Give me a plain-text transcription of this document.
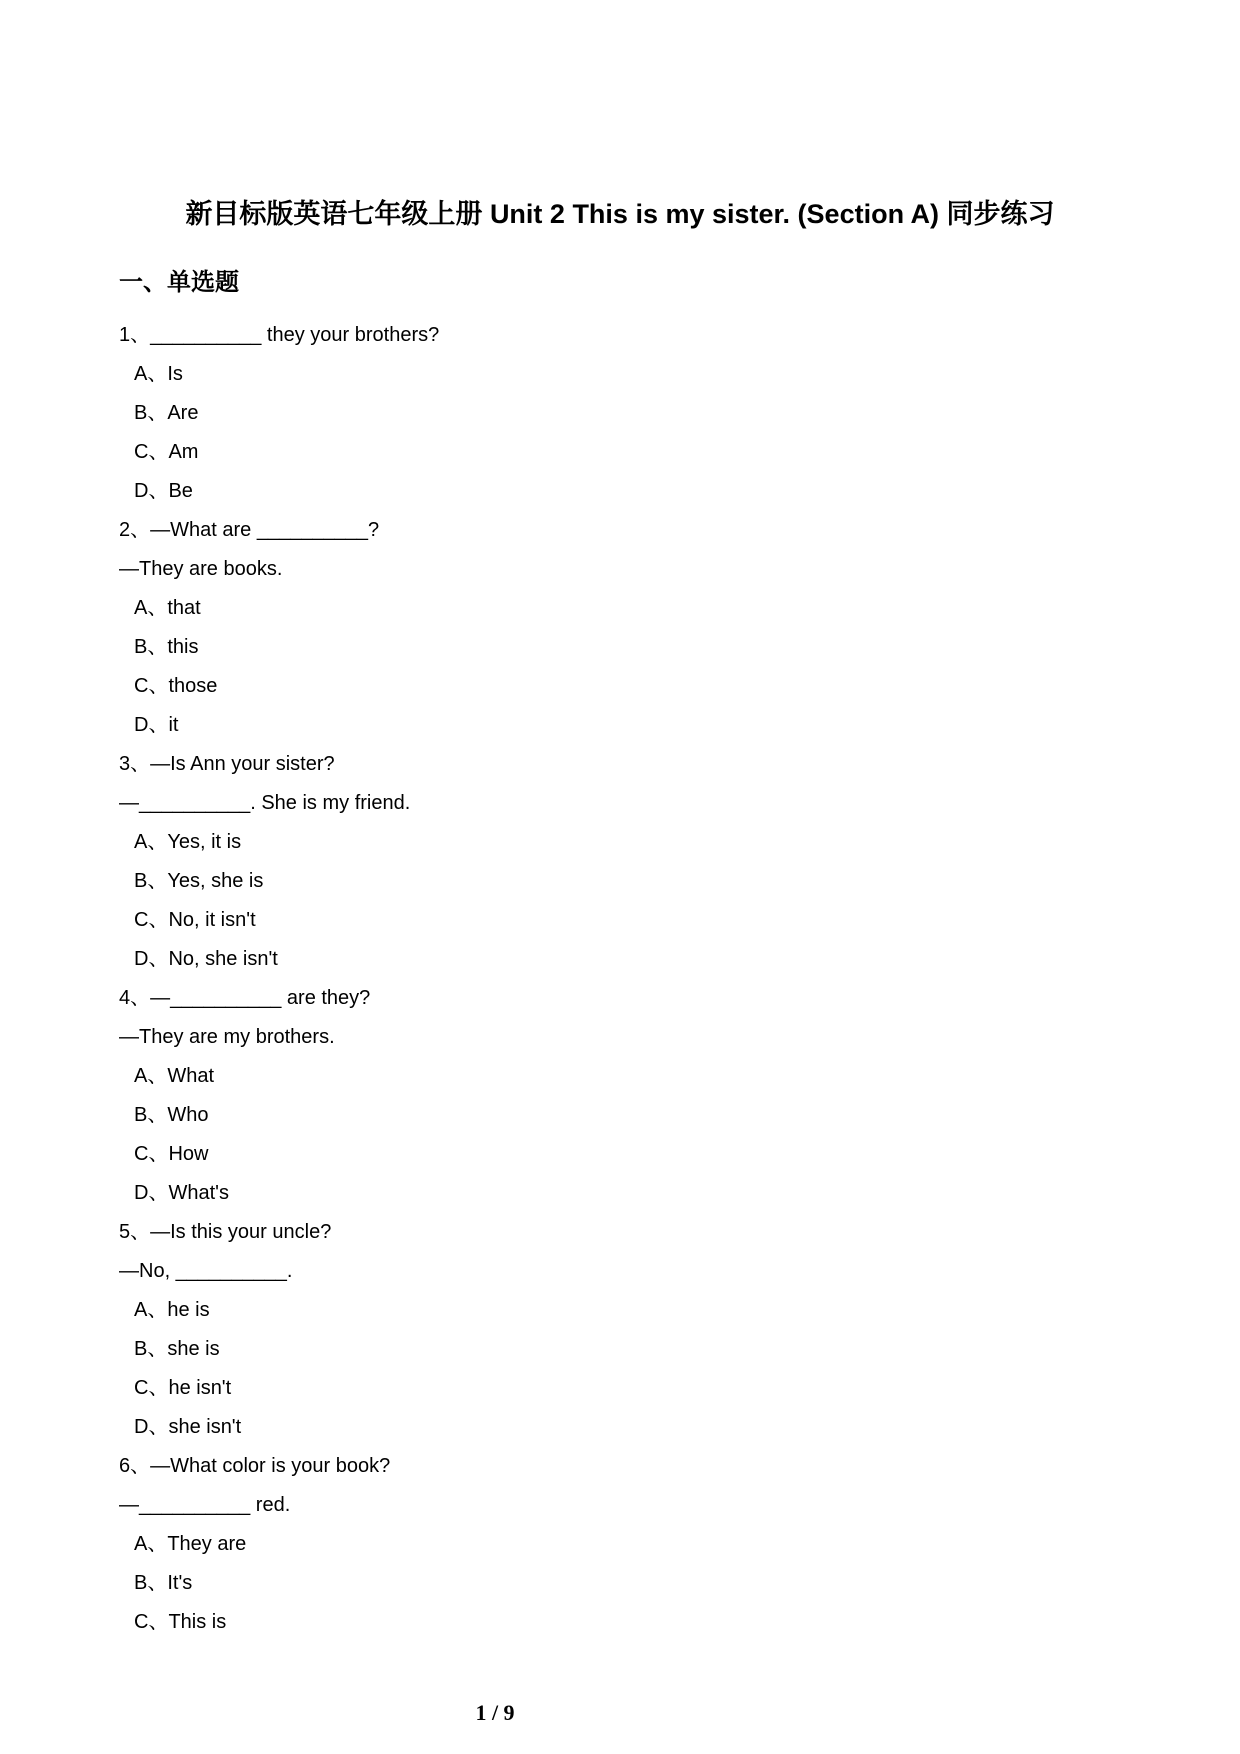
新目标版英语七年级上册 Unit 2 This is my sister. (Section A) 同步练习
一、单选题
1、__________ they your brothers?
A、Is
B、Are
C、Am
D、Be
2、—What are __________?
—They are books.
A、that
B、this
C、those
D、it
3、—Is Ann your sister?
—__________. She is my friend.
A、Yes, it is
B、Yes, she is
C、No, it isn't
D、No, she isn't
4、—__________ are they?
—They are my brothers.
A、What
B、Who
C、How
D、What's
5、—Is this your uncle?
—No, __________.
A、he is
B、she is
C、he isn't
D、she isn't
6、—What color is your book?
—__________ red.
A、They are
B、It's
C、This is
1 / 9
